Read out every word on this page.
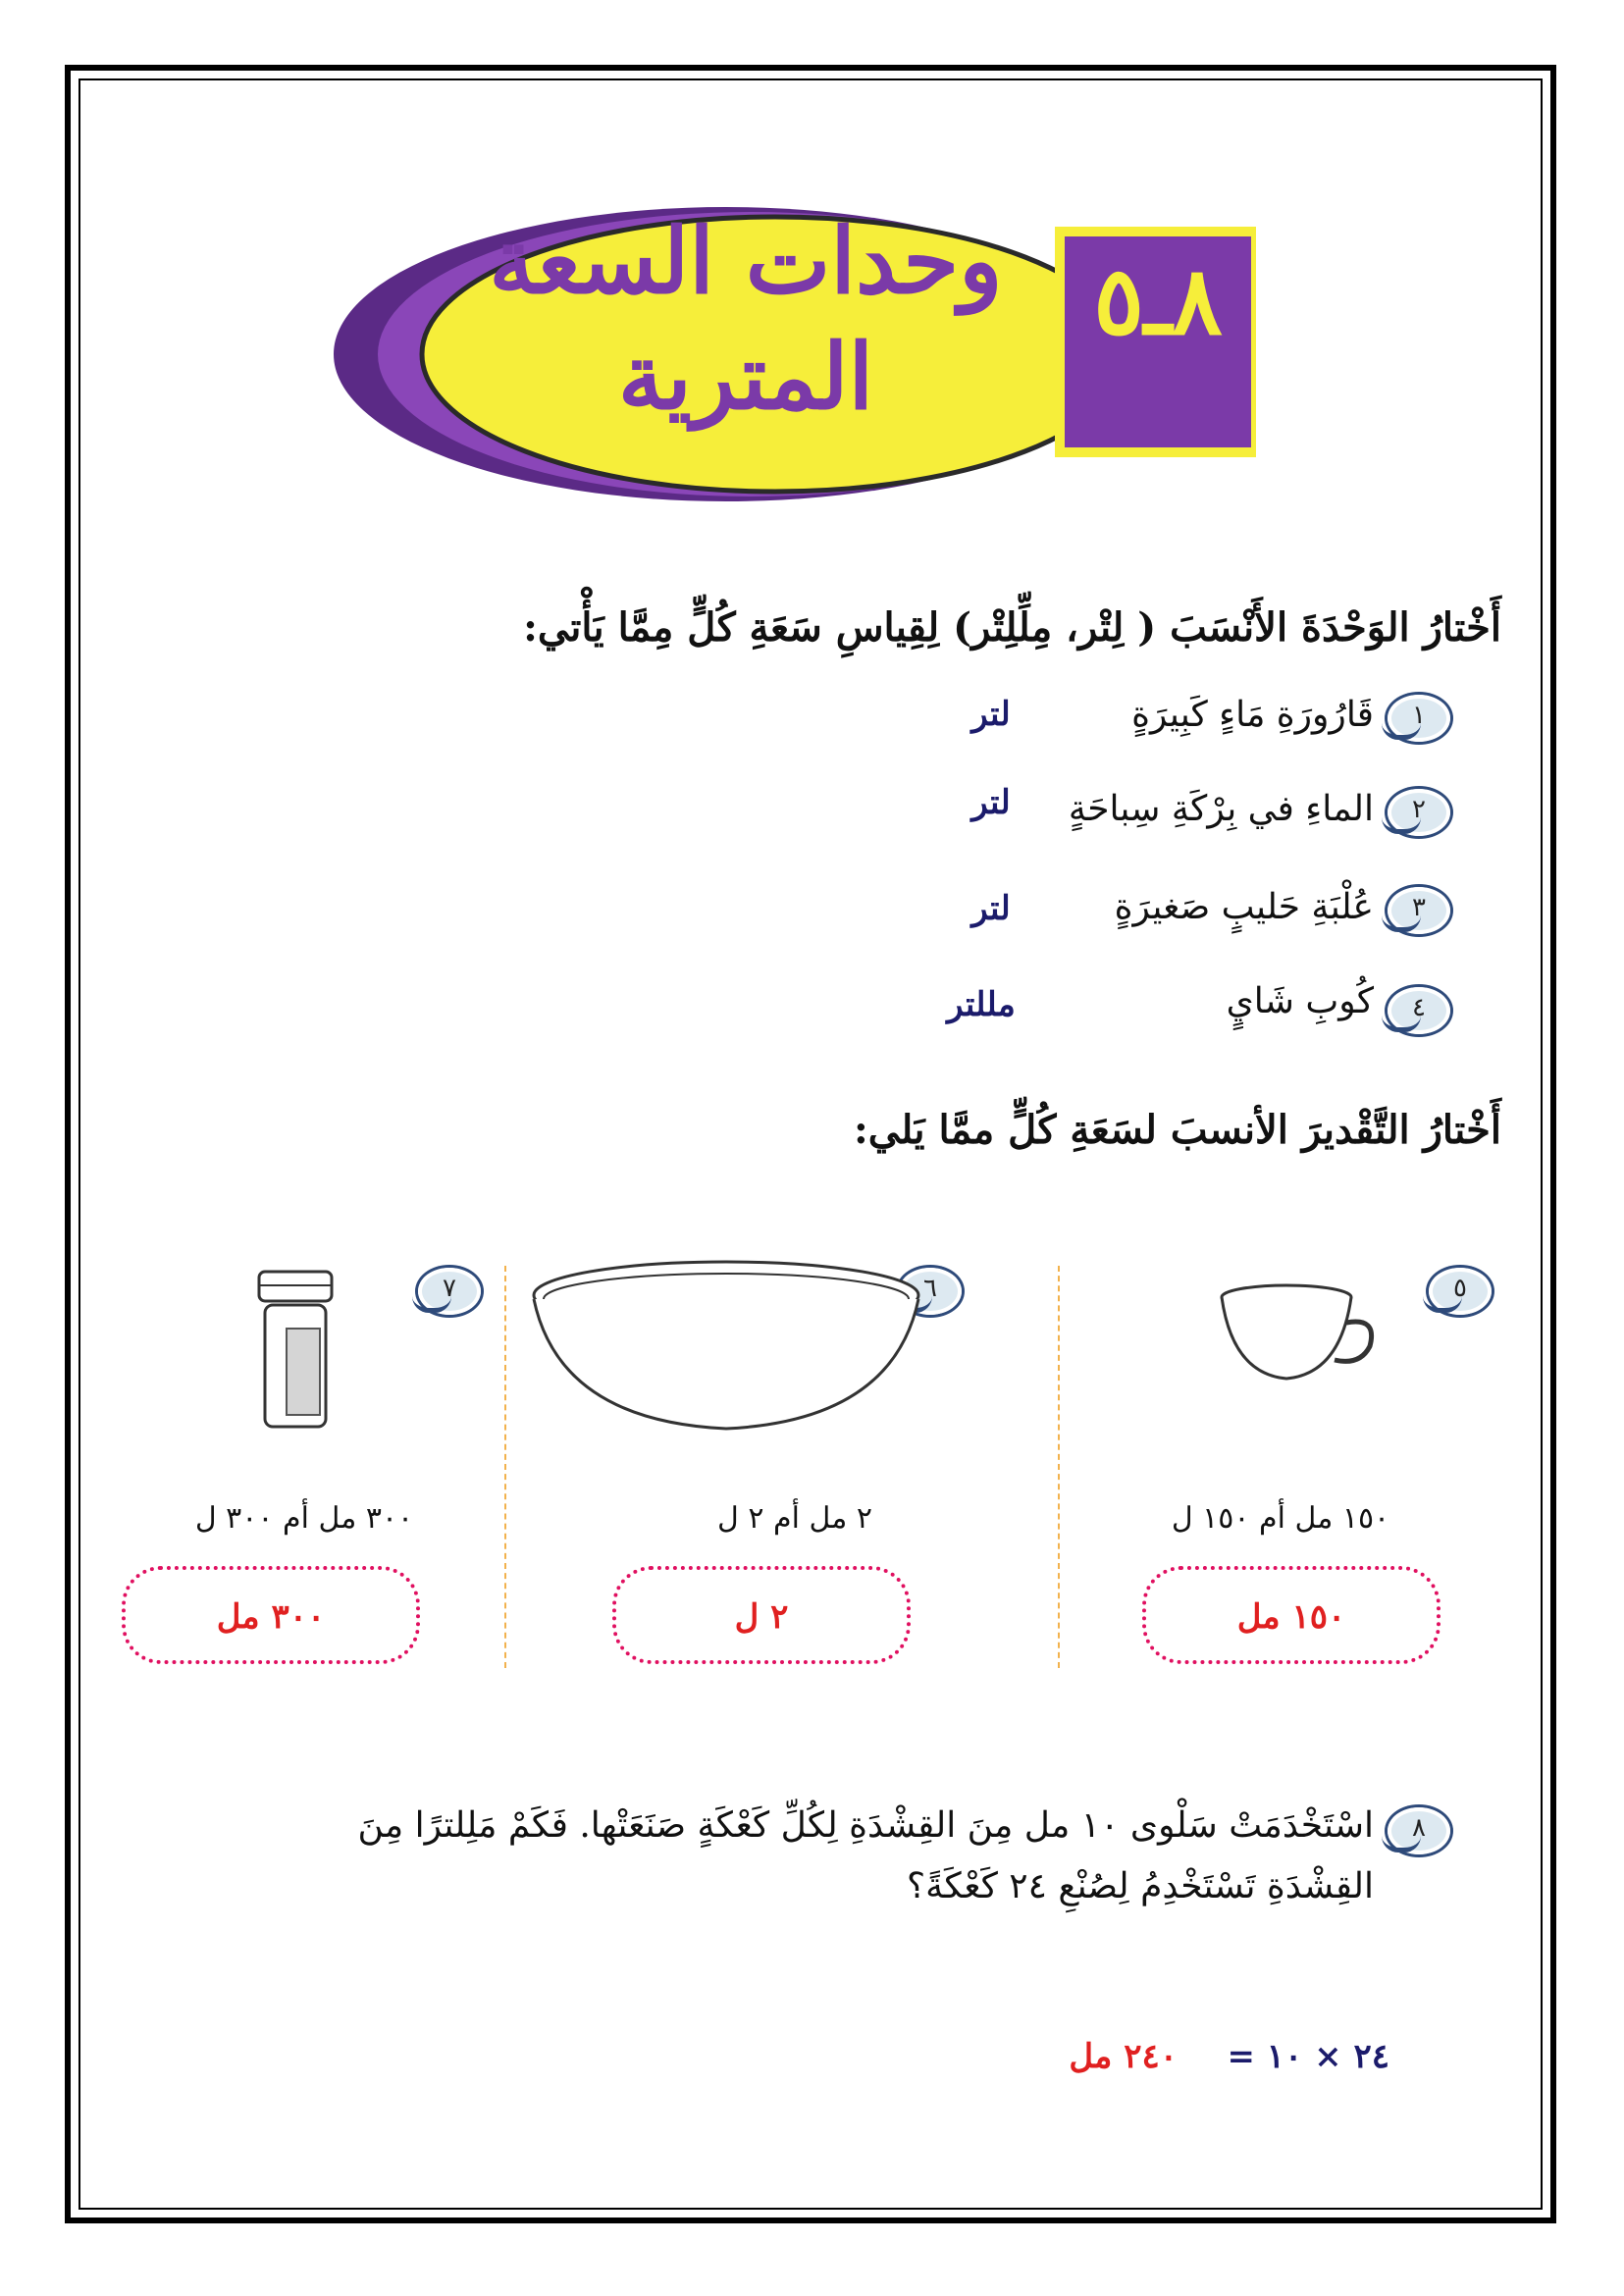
٨ـ٥
وحدات السعة
المترية
أَخْتارُ الوَحْدَةَ الأَنْسَبَ ( لِتْر، مِلِّلِتْر) لِقِياسِ سَعَةِ كُلٍّ مِمَّا يَأْتي:
١
قَارُورَةِ مَاءٍ كَبِيرَةٍ
لتر
٢
الماءِ في بِرْكَةِ سِباحَةٍ
لتر
٣
عُلْبَةِ حَليبٍ صَغيرَةٍ
لتر
٤
كُوبِ شَايٍ
مللتر
أَخْتارُ التَّقْديرَ الأنسبَ لسَعَةِ كُلٍّ ممَّا يَلي:
٥
١٥٠ مل أم ١٥٠ ل
١٥٠ مل
٦
٢ مل أم ٢ ل
٢ ل
٧
٣٠٠ مل أم ٣٠٠ ل
٣٠٠ مل
٨
اسْتَخْدَمَتْ سَلْوى ١٠ مل مِنَ القِشْدَةِ لِكُلِّ كَعْكَةٍ صَنَعَتْها. فَكَمْ مَلِلترًا مِنَ
القِشْدَةِ تَسْتَخْدِمُ لِصُنْعِ ٢٤ كَعْكَةً؟
٢٤ × ١٠ =
٢٤٠ مل
